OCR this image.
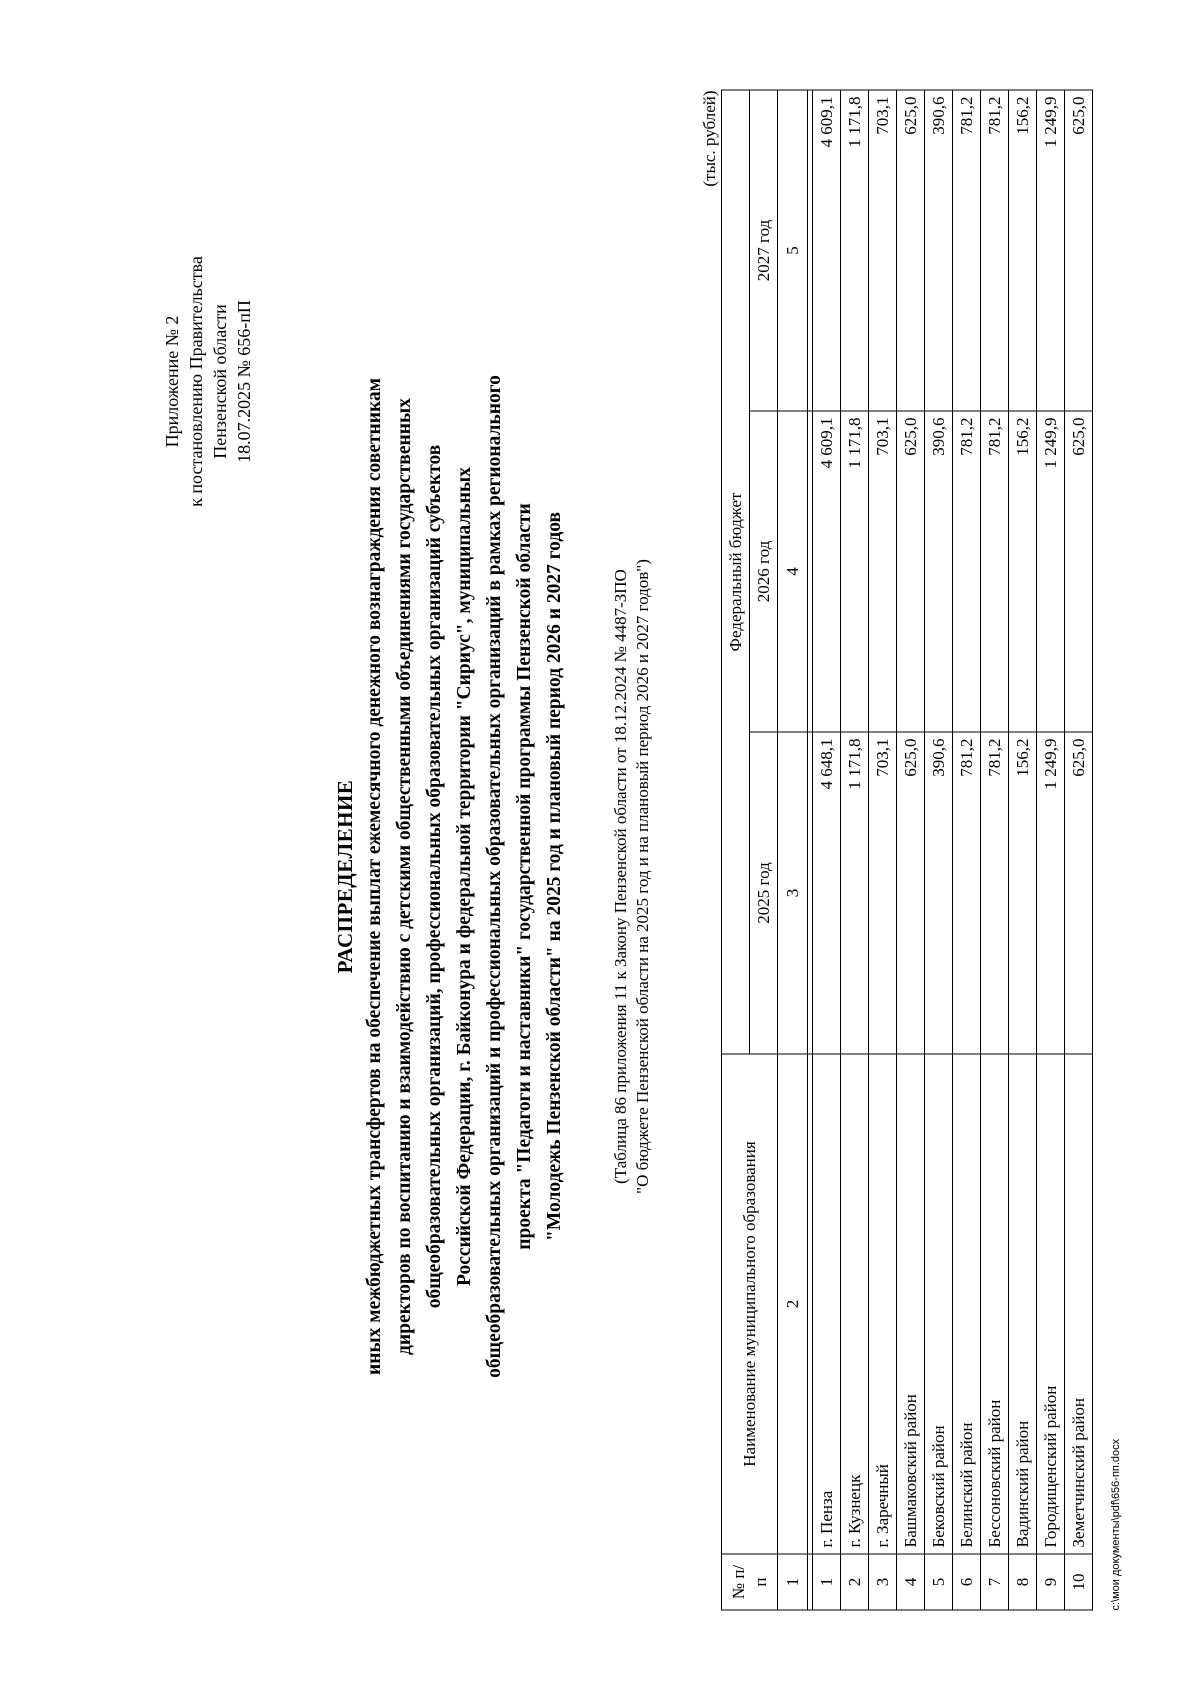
Приложение № 2 к постановлению Правительства Пензенской области 18.07.2025 № 656-пП
РАСПРЕДЕЛЕНИЕ иных межбюджетных трансфертов на обеспечение выплат ежемесячного денежного вознаграждения советникам директоров по воспитанию и взаимодействию с детскими общественными объединениями государственных общеобразовательных организаций, профессиональных образовательных организаций субъектов Российской Федерации, г. Байконура и федеральной территории "Сириус", муниципальных общеобразовательных организаций и профессиональных образовательных организаций в рамках регионального проекта "Педагоги и наставники" государственной программы Пензенской области "Молодежь Пензенской области" на 2025 год и плановый период 2026 и 2027 годов	(Таблица 86 приложения 11 к Закону Пензенской области от 18.12.2024 № 4487-ЗПО "О бюджете Пензенской области на 2025 год и на плановый период 2026 и 2027 годов")
(тыс. рублей)
№ п/п	Наименование муниципального образования	Федеральный бюджет		
		2025 год	2026 год	2027 год
1	2	3	4	5

1	г. Пенза	4 648,1	4 609,1	4 609,1
2	г. Кузнецк	1 171,8	1 171,8	1 171,8
3	г. Заречный	703,1	703,1	703,1
4	Башмаковский район	625,0	625,0	625,0
5	Бековский район	390,6	390,6	390,6
6	Белинский район	781,2	781,2	781,2
7	Бессоновский район	781,2	781,2	781,2
8	Вадинский район	156,2	156,2	156,2
9	Городищенский район	1 249,9	1 249,9	1 249,9
10	Земетчинский район	625,0	625,0	625,0
c:\мои документы\pdf\656-пп.docx
